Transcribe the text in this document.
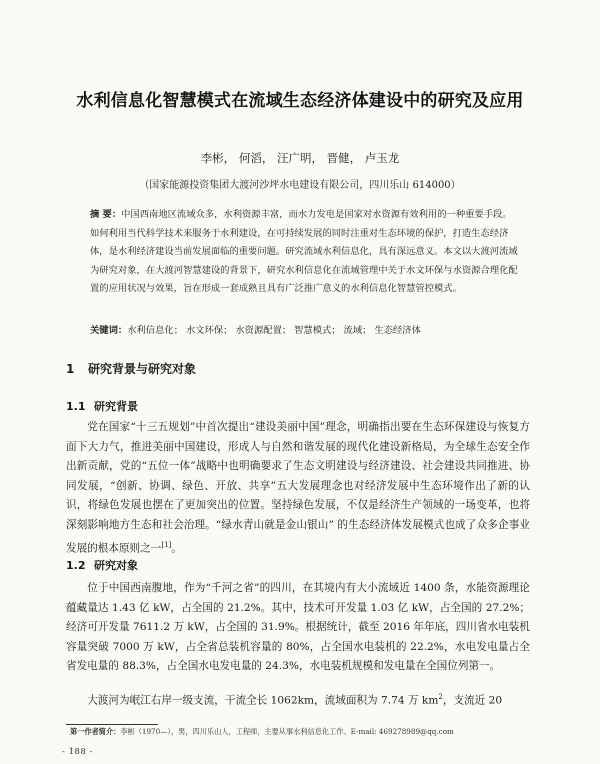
水利信息化智慧模式在流域生态经济体建设中的研究及应用
李彬， 何滔， 汪广明， 晋健， 卢玉龙
（国家能源投资集团大渡河沙坪水电建设有限公司，四川乐山 614000）
摘 要：中国西南地区流域众多，水利资源丰富，而水力发电是国家对水资源有效利用的一种重要手段。如何利用当代科学技术来服务于水利建设，在可持续发展的同时注重对生态环境的保护，打造生态经济体，是水利经济建设当前发展面临的重要问题。研究流域水利信息化，具有深远意义。本文以大渡河流域为研究对象，在大渡河智慧建设的背景下，研究水利信息化在流域管理中关于水文环保与水资源合理化配置的应用状况与效果，旨在形成一套成熟且具有广泛推广意义的水利信息化智慧管控模式。
关键词：水利信息化； 水文环保； 水资源配置； 智慧模式； 流域； 生态经济体
1 研究背景与研究对象
1.1 研究背景
党在国家“十三五规划”中首次提出“建设美丽中国”理念，明确指出要在生态环保建设与恢复方面下大力气，推进美丽中国建设，形成人与自然和谐发展的现代化建设新格局，为全球生态安全作出新贡献，党的“五位一体”战略中也明确要求了生态文明建设与经济建设、社会建设共同推进、协同发展，“创新、协调、绿色、开放、共享”五大发展理念也对经济发展中生态环境作出了新的认识，将绿色发展也摆在了更加突出的位置。坚持绿色发展，不仅是经济生产领域的一场变革，也将深刻影响地方生态和社会治理。“绿水青山就是金山银山” 的生态经济体发展模式也成了众多企事业发展的根本原则之一[1]。
1.2 研究对象
位于中国西南腹地，作为“千河之省”的四川，在其境内有大小流域近 1400 条，水能资源理论蕴藏量达 1.43 亿 kW，占全国的 21.2%。其中，技术可开发量 1.03 亿 kW，占全国的 27.2%；经济可开发量 7611.2 万 kW，占全国的 31.9%。根据统计，截至 2016 年年底，四川省水电装机容量突破 7000 万 kW，占全省总装机容量的 80%，占全国水电装机的 22.2%，水电发电量占全省发电量的 88.3%，占全国水电发电量的 24.3%，水电装机规模和发电量在全国位列第一。
大渡河为岷江右岸一级支流，干流全长 1062km，流域面积为 7.74 万 $km^2$，支流近 20
第一作者简介：李彬（1970—），男，四川乐山人，工程师，主要从事水利信息化工作。E-mail: 469278989@qq.com
- 188 -
